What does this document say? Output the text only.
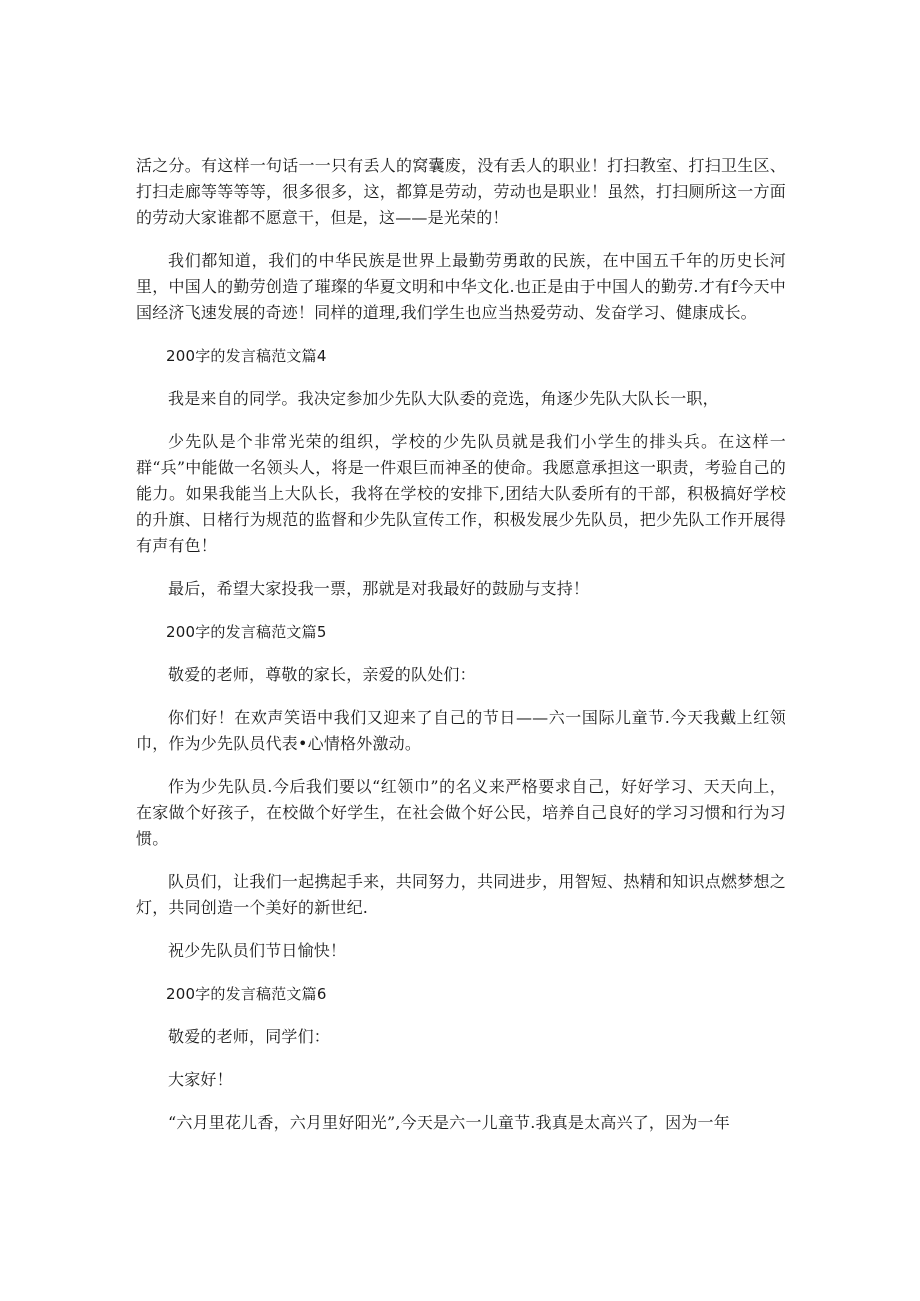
活之分。有这样一句话一一只有丢人的窝囊废，没有丢人的职业！打扫教室、打扫卫生区、打扫走廊等等等等，很多很多，这，都算是劳动，劳动也是职业！虽然，打扫厕所这一方面的劳动大家谁都不愿意干，但是，这——是光荣的！

我们都知道，我们的中华民族是世界上最勤劳勇敢的民族，在中国五千年的历史长河里，中国人的勤劳创造了璀璨的华夏文明和中华文化.也正是由于中国人的勤劳.才有f今天中国经济飞速发展的奇迹！同样的道理,我们学生也应当热爱劳动、发奋学习、健康成长。

200字的发言稿范文篇4

我是来自的同学。我决定参加少先队大队委的竞选，角逐少先队大队长一职，

少先队是个非常光荣的组织，学校的少先队员就是我们小学生的排头兵。在这样一群“兵”中能做一名领头人，将是一件艰巨而神圣的使命。我愿意承担这一职责，考验自己的能力。如果我能当上大队长，我将在学校的安排下,团结大队委所有的干部，积极搞好学校的升旗、日楮行为规范的监督和少先队宣传工作，积极发展少先队员，把少先队工作开展得有声有色！

最后，希望大家投我一票，那就是对我最好的鼓励与支持！

200字的发言稿范文篇5

敬爱的老师，尊敬的家长，亲爱的队处们：

你们好！在欢声笑语中我们又迎来了自己的节日——六一国际儿童节.今天我戴上红领巾，作为少先队员代表•心情格外激动。

作为少先队员.今后我们要以“红领巾”的名义来严格要求自己，好好学习、天天向上，在家做个好孩子，在校做个好学生，在社会做个好公民，培养自己良好的学习习惯和行为习惯。

队员们，让我们一起携起手来，共同努力，共同进步，用智短、热精和知识点燃梦想之灯，共同创造一个美好的新世纪.

祝少先队员们节日愉快！

200字的发言稿范文篇6

敬爱的老师，同学们：

大家好！

“六月里花儿香，六月里好阳光”,今天是六一儿童节.我真是太高兴了，因为一年
